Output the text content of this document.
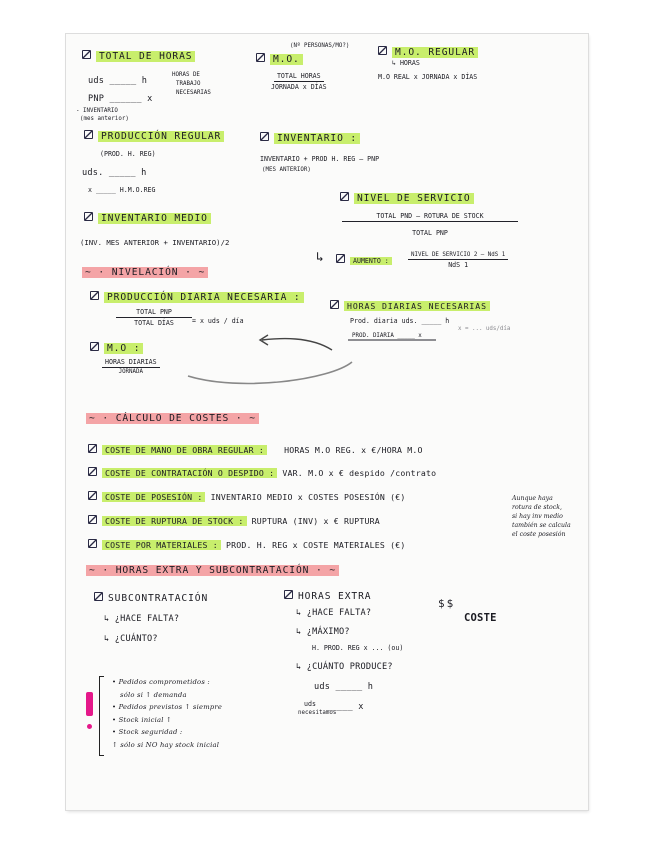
TOTAL DE HORAS
uds _____ h
HORAS DE
TRABAJO
NECESARIAS
PNP ______ x
- INVENTARIO
(mes anterior)
(Nº PERSONAS/MO?)
M.O.
$\frac{\text{TOTAL HORAS}}{\text{JORNADA x DÍAS}}$
M.O. REGULAR
↳ HORAS
M.O REAL x JORNADA x DÍAS
PRODUCCIÓN REGULAR
(PROD. H. REG)
uds. _____ h
x _____ H.M.O.REG
INVENTARIO :
INVENTARIO + PROD H. REG – PNP
(MES ANTERIOR)
NIVEL DE SERVICIO
$\frac{\text{TOTAL PND – ROTURA DE STOCK}}{\text{TOTAL PNP}}$
↳	AUMENTO :	$\frac{\text{NIVEL DE SERVICIO 2 – NdS 1}}{\text{NdS 1}}$
INVENTARIO MEDIO
(INV. MES ANTERIOR + INVENTARIO)/2
~ · NIVELACIÓN · ~
PRODUCCIÓN DIARIA NECESARIA :
$\frac{\text{TOTAL PNP}}{\text{TOTAL DÍAS}} = x$ uds / día
HORAS DIARIAS NECESARIAS
Prod. diaria uds. _____ h
PROD. DIARIA _____ x
x = ... uds/día
M.O :
$\frac{\text{HORAS DIARIAS}}{\text{JORNADA}}$
~ · CÁLCULO DE COSTES · ~
COSTE DE MANO DE OBRA REGULAR : HORAS M.O REG. x €/HORA M.O
COSTE DE CONTRATACIÓN O DESPIDO : VAR. M.O x € despido /contrato
COSTE DE POSESIÓN : INVENTARIO MEDIO x COSTES POSESIÓN (€)
COSTE DE RUPTURA DE STOCK : RUPTURA (INV) x € RUPTURA
COSTE POR MATERIALES : PROD. H. REG x COSTE MATERIALES (€)
Aunque haya
rotura de stock,
si hay inv medio
también se calcula
el coste posesión
~ · HORAS EXTRA Y SUBCONTRATACIÓN · ~
SUBCONTRATACIÓN
↳ ¿HACE FALTA?
↳ ¿CUÁNTO?
HORAS EXTRA
↳ ¿HACE FALTA?
↳ ¿MÁXIMO?
H. PROD. REG x ... (ou)
↳ ¿CUÁNTO PRODUCE?
uds _____ h
uds
necesitamos
_____ x
$$
COSTE
• Pedidos comprometidos :
sólo si ↑ demanda
• Pedidos previstos ↑ siempre
• Stock inicial ↑
• Stock seguridad :
↑ sólo si NO hay stock inicial
